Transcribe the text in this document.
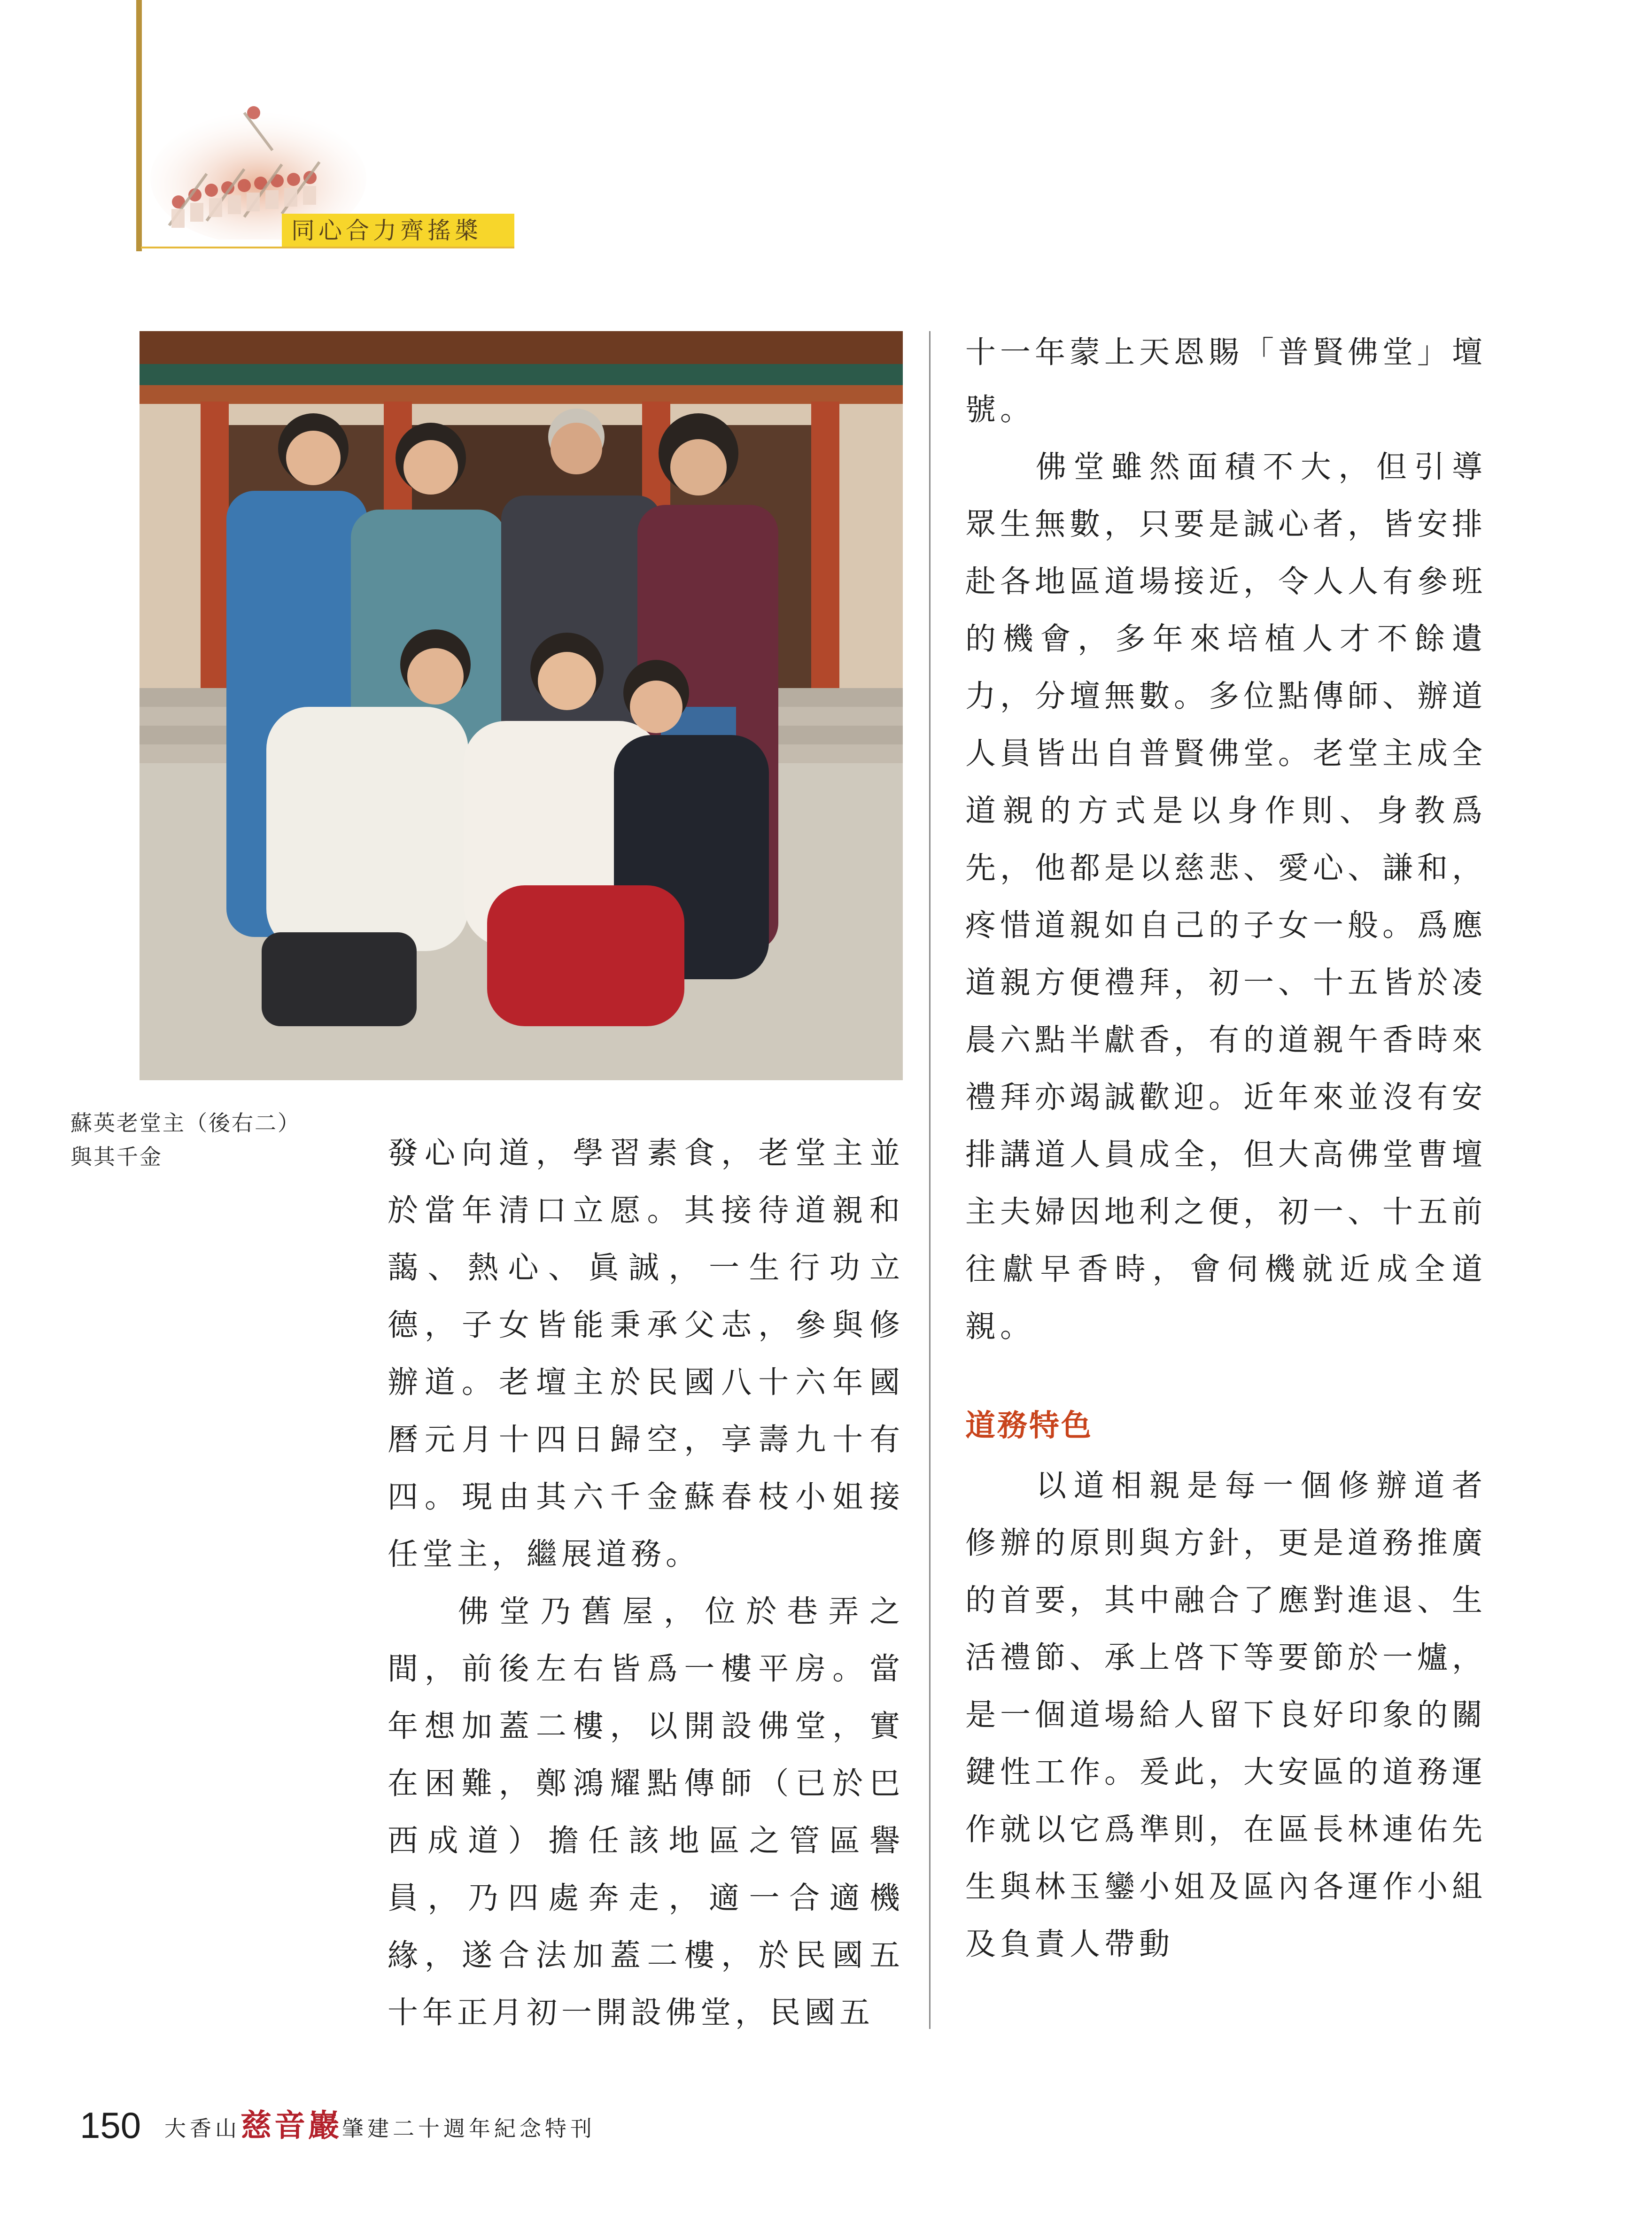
同心合力齊搖槳
蘇英老堂主（後右二）
與其千金	發心向道，學習素食，老堂主並於當年清口立愿。其接待道親和藹、熱心、眞誠，一生行功立德，子女皆能秉承父志，參與修辦道。老壇主於民國八十六年國曆元月十四日歸空，享壽九十有四。現由其六千金蘇春枝小姐接任堂主，繼展道務。

佛堂乃舊屋，位於巷弄之間，前後左右皆爲一樓平房。當年想加蓋二樓，以開設佛堂，實在困難，鄭鴻耀點傳師（已於巴西成道）擔任該地區之管區譽員，乃四處奔走，適一合適機緣，遂合法加蓋二樓，於民國五十年正月初一開設佛堂，民國五

十一年蒙上天恩賜「普賢佛堂」壇號。

佛堂雖然面積不大，但引導眾生無數，只要是誠心者，皆安排赴各地區道場接近，令人人有參班的機會，多年來培植人才不餘遺力，分壇無數。多位點傳師、辦道人員皆出自普賢佛堂。老堂主成全道親的方式是以身作則、身教爲先，他都是以慈悲、愛心、謙和，疼惜道親如自己的子女一般。爲應道親方便禮拜，初一、十五皆於凌晨六點半獻香，有的道親午香時來禮拜亦竭誠歡迎。近年來並沒有安排講道人員成全，但大高佛堂曹壇主夫婦因地利之便，初一、十五前往獻早香時，會伺機就近成全道親。

道務特色

以道相親是每一個修辦道者修辦的原則與方針，更是道務推廣的首要，其中融合了應對進退、生活禮節、承上啓下等要節於一爐，是一個道場給人留下良好印象的關鍵性工作。爰此，大安區的道務運作就以它爲準則，在區長林連佑先生與林玉鑾小姐及區內各運作小組及負責人帶動

150 大香山慈音巖肇建二十週年紀念特刊
